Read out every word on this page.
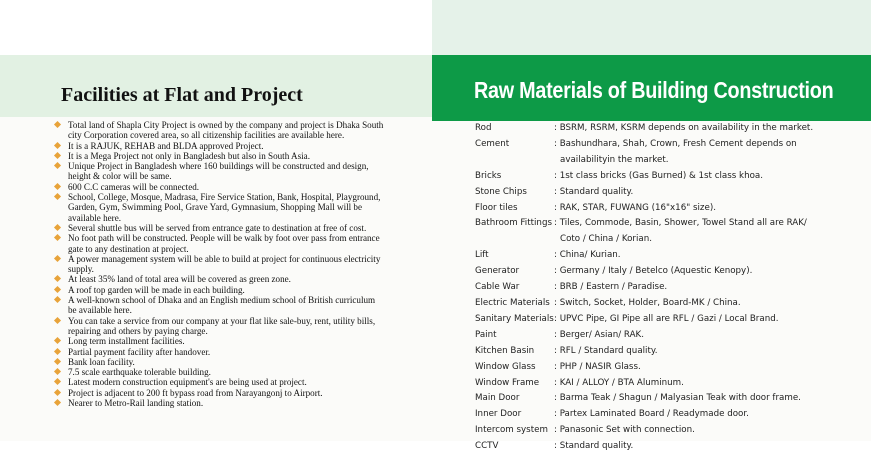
Facilities at Flat and Project
Total land of Shapla City Project is owned by the company and project is Dhaka South city Corporation covered area, so all citizenship facilities are available here.
It is a RAJUK, REHAB and BLDA approved Project.
It is a Mega Project not only in Bangladesh but also in South Asia.
Unique Project in Bangladesh where 160 buildings will be constructed and design, height & color will be same.
600 C.C cameras will be connected.
School, College, Mosque, Madrasa, Fire Service Station, Bank, Hospital, Playground, Garden, Gym, Swimming Pool, Grave Yard, Gymnasium, Shopping Mall will be available here.
Several shuttle bus will be served from entrance gate to destination at free of cost.
No foot path will be constructed. People will be walk by foot over pass from entrance gate to any destination at project.
A power management system will be able to build at project for continuous electricity supply.
At least 35% land of total area will be covered as green zone.
A roof top garden will be made in each building.
A well-known school of Dhaka and an English medium school of British curriculum be available here.
You can take a service from our company at your flat like sale-buy, rent, utility bills, repairing and others by paying charge.
Long term installment facilities.
Partial payment facility after handover.
Bank loan facility.
7.5 scale earthquake tolerable building.
Latest modern construction equipment's are being used at project.
Project is adjacent to 200 ft bypass road from Narayangonj to Airport.
Nearer to Metro-Rail landing station.
Raw Materials of Building Construction
Rod	: BSRM, RSRM, KSRM depends on availability in the market.
Cement	: Bashundhara, Shah, Crown, Fresh Cement depends on
availabilityin the market.
Bricks	: 1st class bricks (Gas Burned) & 1st class khoa.
Stone Chips	: Standard quality.
Floor tiles	: RAK, STAR, FUWANG (16"x16" size).
Bathroom Fittings : Tiles, Commode, Basin, Shower, Towel Stand all are RAK/
Coto / China / Korian.
Lift	: China/ Kurian.
Generator	: Germany / Italy / Betelco (Aquestic Kenopy).
Cable War	: BRB / Eastern / Paradise.
Electric Materials : Switch, Socket, Holder, Board-MK / China.
Sanitary Materials : UPVC Pipe, GI Pipe all are RFL / Gazi / Local Brand.
Paint	: Berger/ Asian/ RAK.
Kitchen Basin	: RFL / Standard quality.
Window Glass	: PHP / NASIR Glass.
Window Frame	: KAI / ALLOY / BTA Aluminum.
Main Door	: Barma Teak / Shagun / Malyasian Teak with door frame.
Inner Door	: Partex Laminated Board / Readymade door.
Intercom system : Panasonic Set with connection.
CCTV	: Standard quality.
